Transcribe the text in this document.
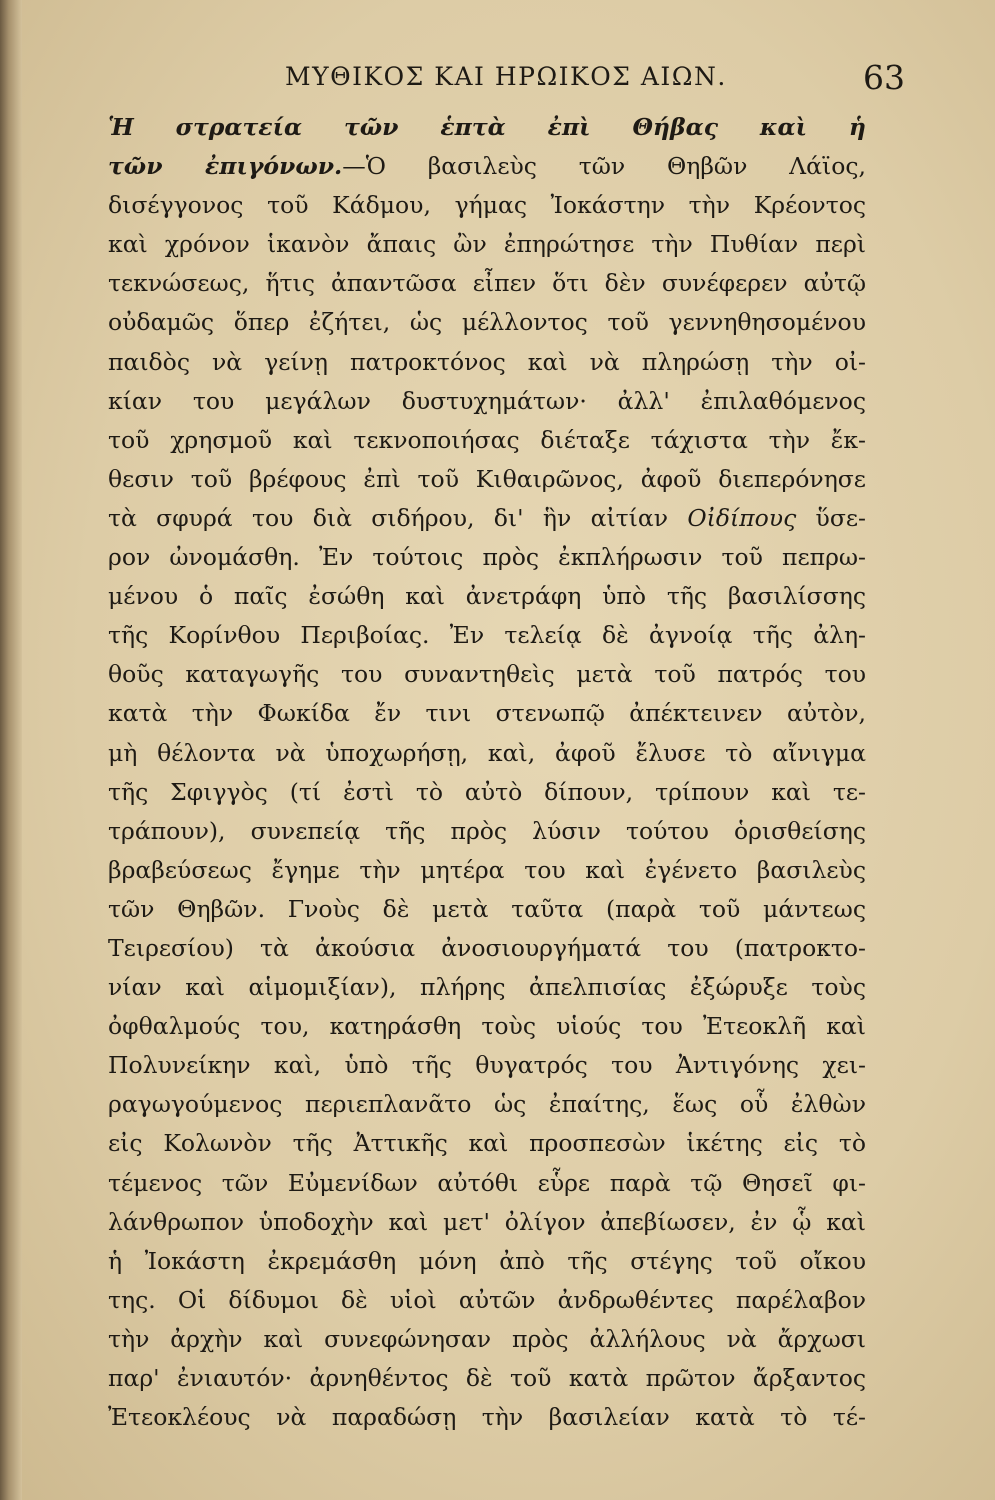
ΜΥΘΙΚΟΣ ΚΑΙ ΗΡΩΙΚΟΣ ΑΙΩΝ.	63
Ἡ στρατεία τῶν ἑπτὰ ἐπὶ Θήβας καὶ ἡ
τῶν ἐπιγόνων.—Ὁ βασιλεὺς τῶν Θηβῶν Λάϊος,
δισέγγονος τοῦ Κάδμου, γήμας Ἰοκάστην τὴν Κρέοντος
καὶ χρόνον ἱκανὸν ἄπαις ὢν ἐπηρώτησε τὴν Πυθίαν περὶ
τεκνώσεως, ἥτις ἀπαντῶσα εἶπεν ὅτι δὲν συνέφερεν αὐτῷ
οὐδαμῶς ὅπερ ἐζήτει, ὡς μέλλοντος τοῦ γεννηθησομένου
παιδὸς νὰ γείνῃ πατροκτόνος καὶ νὰ πληρώσῃ τὴν οἰ-
κίαν του μεγάλων δυστυχημάτων· ἀλλ' ἐπιλαθόμενος
τοῦ χρησμοῦ καὶ τεκνοποιήσας διέταξε τάχιστα τὴν ἔκ-
θεσιν τοῦ βρέφους ἐπὶ τοῦ Κιθαιρῶνος, ἀφοῦ διεπερόνησε
τὰ σφυρά του διὰ σιδήρου, δι' ἣν αἰτίαν Οἰδίπους ὕσε-
ρον ὠνομάσθη. Ἐν τούτοις πρὸς ἐκπλήρωσιν τοῦ πεπρω-
μένου ὁ παῖς ἐσώθη καὶ ἀνετράφη ὑπὸ τῆς βασιλίσσης
τῆς Κορίνθου Περιβοίας. Ἐν τελείᾳ δὲ ἀγνοίᾳ τῆς ἀλη-
θοῦς καταγωγῆς του συναντηθεὶς μετὰ τοῦ πατρός του
κατὰ τὴν Φωκίδα ἔν τινι στενωπῷ ἀπέκτεινεν αὐτὸν,
μὴ θέλοντα νὰ ὑποχωρήσῃ, καὶ, ἀφοῦ ἔλυσε τὸ αἴνιγμα
τῆς Σφιγγὸς (τί ἐστὶ τὸ αὐτὸ δίπουν, τρίπουν καὶ τε-
τράπουν), συνεπείᾳ τῆς πρὸς λύσιν τούτου ὁρισθείσης
βραβεύσεως ἔγημε τὴν μητέρα του καὶ ἐγένετο βασιλεὺς
τῶν Θηβῶν. Γνοὺς δὲ μετὰ ταῦτα (παρὰ τοῦ μάντεως
Τειρεσίου) τὰ ἀκούσια ἀνοσιουργήματά του (πατροκτο-
νίαν καὶ αἱμομιξίαν), πλήρης ἀπελπισίας ἐξώρυξε τοὺς
ὀφθαλμούς του, κατηράσθη τοὺς υἱούς του Ἐτεοκλῆ καὶ
Πολυνείκην καὶ, ὑπὸ τῆς θυγατρός του Ἀντιγόνης χει-
ραγωγούμενος περιεπλανᾶτο ὡς ἐπαίτης, ἕως οὗ ἐλθὼν
εἰς Κολωνὸν τῆς Ἀττικῆς καὶ προσπεσὼν ἱκέτης εἰς τὸ
τέμενος τῶν Εὐμενίδων αὐτόθι εὗρε παρὰ τῷ Θησεῖ φι-
λάνθρωπον ὑποδοχὴν καὶ μετ' ὀλίγον ἀπεβίωσεν, ἐν ᾧ καὶ
ἡ Ἰοκάστη ἐκρεμάσθη μόνη ἀπὸ τῆς στέγης τοῦ οἴκου
της. Οἱ δίδυμοι δὲ υἱοὶ αὐτῶν ἀνδρωθέντες παρέλαβον
τὴν ἀρχὴν καὶ συνεφώνησαν πρὸς ἀλλήλους νὰ ἄρχωσι
παρ' ἐνιαυτόν· ἀρνηθέντος δὲ τοῦ κατὰ πρῶτον ἄρξαντος
Ἐτεοκλέους νὰ παραδώσῃ τὴν βασιλείαν κατὰ τὸ τέ-
